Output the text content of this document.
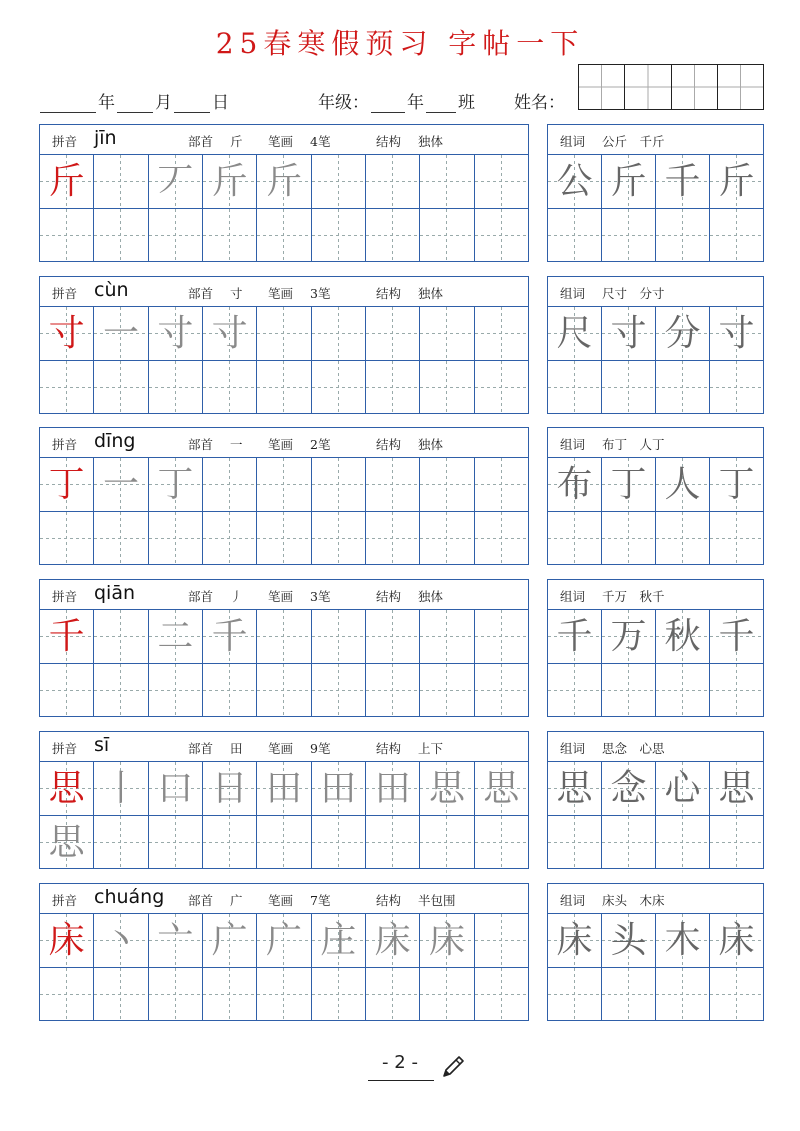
25春寒假预习 字帖一下
年 月 日	年级： 年 班 姓名：
拼音 jīn	部首 斤 笔画 4笔	结构 独体
斤 丆 斤 斤
组词 公斤　千斤
公 斤 千 斤
拼音 cùn	部首 寸 笔画 3笔	结构 独体
寸 一 寸 寸
组词 尺寸　分寸
尺 寸 分 寸
拼音 dīng	部首 一 笔画 2笔	结构 独体
丁 一 丁
组词 布丁　人丁
布 丁 人 丁
拼音 qiān	部首 丿 笔画 3笔	结构 独体
千 二 千
组词 千万　秋千
千 万 秋 千
拼音 sī	部首 田 笔画 9笔	结构 上下
思 丨 口 日 田 田 田 思 思
思
组词 思念　心思
思 念 心 思
拼音 chuáng 部首 广 笔画 7笔	结构 半包围
床 丶 亠 广 广 庄 床 床
组词 床头　木床
床 头 木 床
- 2 -
